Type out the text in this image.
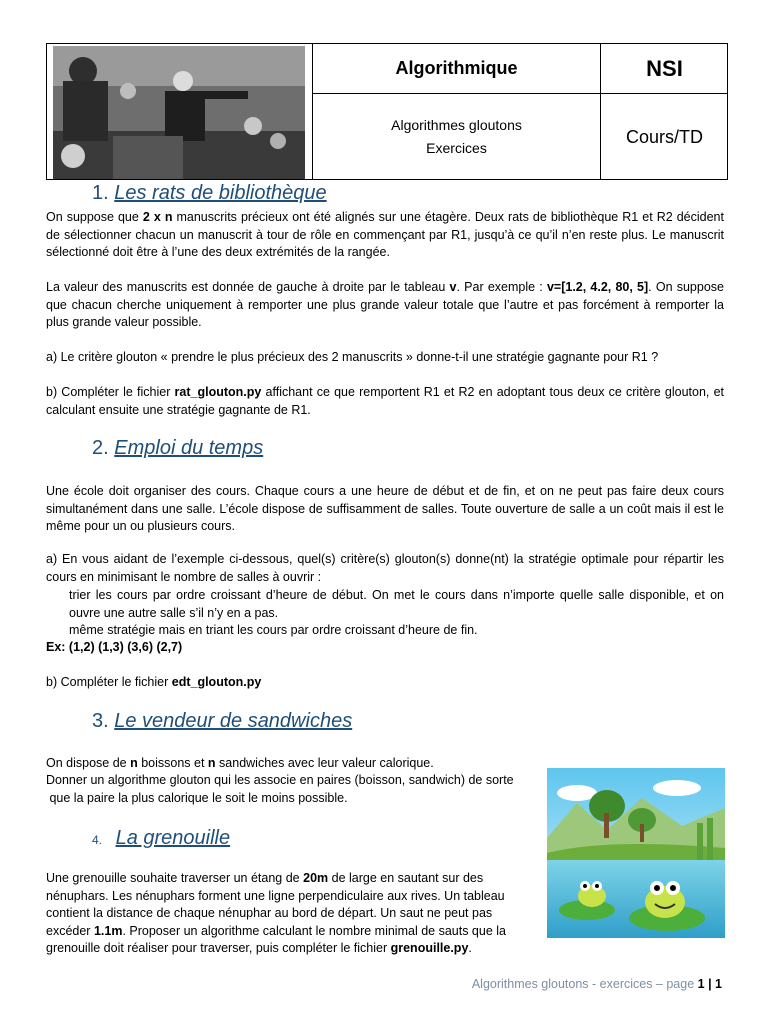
Algorithmique	NSI
Algorithmes gloutons
Exercices
Cours/TD
1. Les rats de bibliothèque
On suppose que 2 x n manuscrits précieux ont été alignés sur une étagère. Deux rats de bibliothèque R1 et R2 décident de sélectionner chacun un manuscrit à tour de rôle en commençant par R1, jusqu’à ce qu’il n’en reste plus. Le manuscrit sélectionné doit être à l’une des deux extrémités de la rangée.
La valeur des manuscrits est donnée de gauche à droite par le tableau v. Par exemple : v=[1.2, 4.2, 80, 5]. On suppose que chacun cherche uniquement à remporter une plus grande valeur totale que l’autre et pas forcément à remporter la plus grande valeur possible.
a) Le critère glouton « prendre le plus précieux des 2 manuscrits » donne-t-il une stratégie gagnante pour R1 ?
b) Compléter le fichier rat_glouton.py affichant ce que remportent R1 et R2 en adoptant tous deux ce critère glouton, et calculant ensuite une stratégie gagnante de R1.
2. Emploi du temps
Une école doit organiser des cours. Chaque cours a une heure de début et de fin, et on ne peut pas faire deux cours simultanément dans une salle. L’école dispose de suffisamment de salles. Toute ouverture de salle a un coût mais il est le même pour un ou plusieurs cours.
a) En vous aidant de l’exemple ci-dessous, quel(s) critère(s) glouton(s) donne(nt) la stratégie optimale pour répartir les cours en minimisant le nombre de salles à ouvrir :
trier les cours par ordre croissant d’heure de début. On met le cours dans n’importe quelle salle disponible, et on ouvre une autre salle s’il n’y en a pas.
même stratégie mais en triant les cours par ordre croissant d’heure de fin.
Ex: (1,2) (1,3) (3,6) (2,7)
b) Compléter le fichier edt_glouton.py
3. Le vendeur de sandwiches
On dispose de n boissons et n sandwiches avec leur valeur calorique.
Donner un algorithme glouton qui les associe en paires (boisson, sandwich) de sorte
que la paire la plus calorique le soit le moins possible.
4. La grenouille
Une grenouille souhaite traverser un étang de 20m de large en sautant sur des nénuphars. Les nénuphars forment une ligne perpendiculaire aux rives. Un tableau contient la distance de chaque nénuphar au bord de départ. Un saut ne peut pas excéder 1.1m. Proposer un algorithme calculant le nombre minimal de sauts que la grenouille doit réaliser pour traverser, puis compléter le fichier grenouille.py.
Algorithmes gloutons - exercices – page 1 | 1
